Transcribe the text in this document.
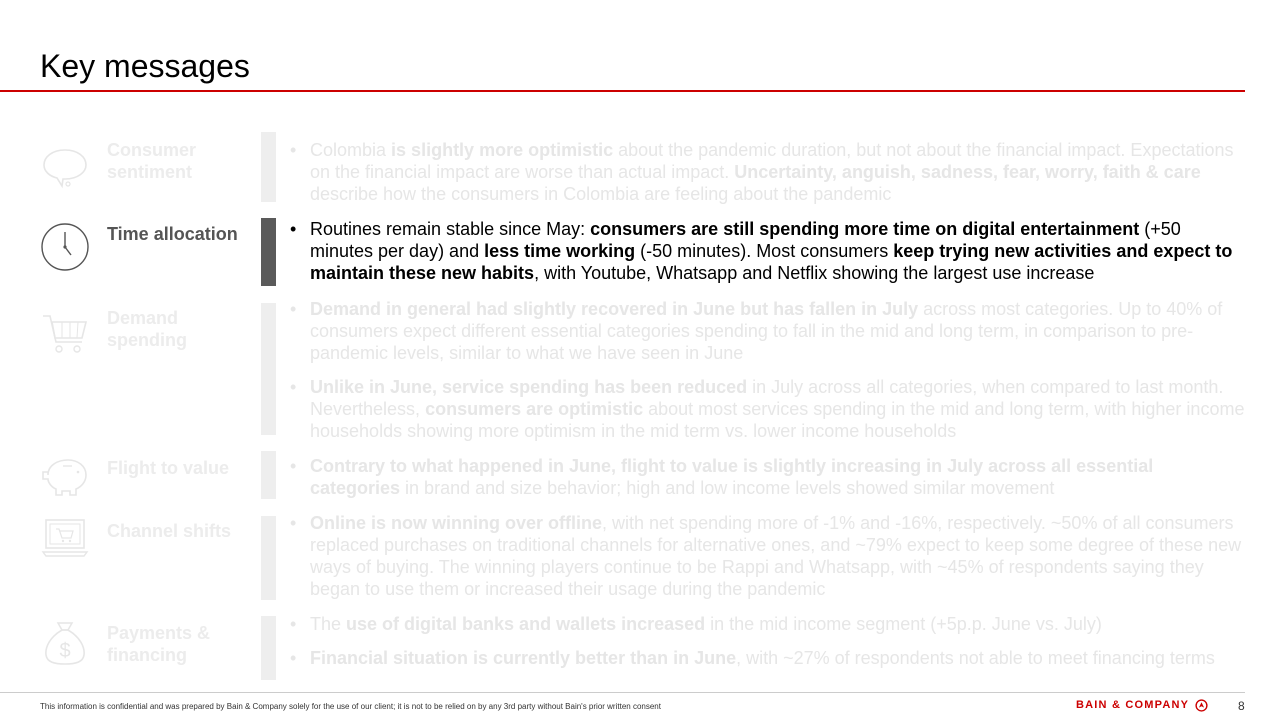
Key messages
Consumer sentiment
• Colombia is slightly more optimistic about the pandemic duration, but not about the financial impact. Expectations on the financial impact are worse than actual impact. Uncertainty, anguish, sadness, fear, worry, faith & care describe how the consumers in Colombia are feeling about the pandemic
Time allocation	• Routines remain stable since May: consumers are still spending more time on digital entertainment (+50 minutes per day) and less time working (-50 minutes). Most consumers keep trying new activities and expect to maintain these new habits, with Youtube, Whatsapp and Netflix showing the largest use increase
Demand spending
• Demand in general had slightly recovered in June but has fallen in July across most categories. Up to 40% of consumers expect different essential categories spending to fall in the mid and long term, in comparison to pre-pandemic levels, similar to what we have seen in June
• Unlike in June, service spending has been reduced in July across all categories, when compared to last month. Nevertheless, consumers are optimistic about most services spending in the mid and long term, with higher income households showing more optimism in the mid term vs. lower income households
Flight to value	• Contrary to what happened in June, flight to value is slightly increasing in July across all essential categories in brand and size behavior; high and low income levels showed similar movement
Channel shifts	• Online is now winning over offline, with net spending more of -1% and -16%, respectively. ~50% of all consumers replaced purchases on traditional channels for alternative ones, and ~79% expect to keep some degree of these new ways of buying. The winning players continue to be Rappi and Whatsapp, with ~45% of respondents saying they began to use them or increased their usage during the pandemic
$
Payments & financing
• The use of digital banks and wallets increased in the mid income segment (+5p.p. June vs. July)
• Financial situation is currently better than in June, with ~27% of respondents not able to meet financing terms
This information is confidential and was prepared by Bain & Company solely for the use of our client; it is not to be relied on by any 3rd party without Bain's prior written consent	BAIN & COMPANY	8
